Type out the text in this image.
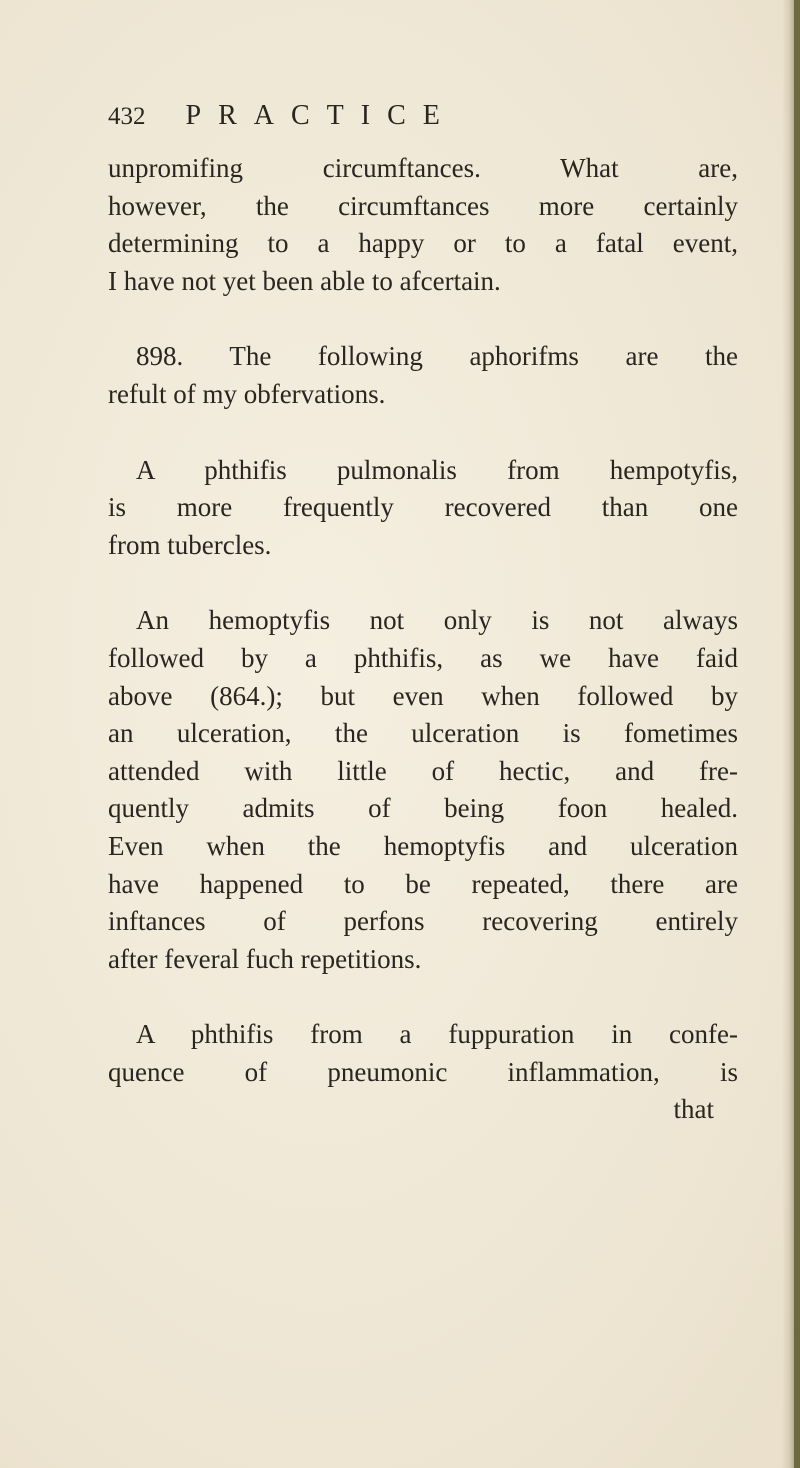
432 PRACTICE
unpromifing circumftances. What are,
however, the circumftances more certainly
determining to a happy or to a fatal event,
I have not yet been able to afcertain.
898. The following aphorifms are the
refult of my obfervations.
A phthifis pulmonalis from hempotyfis,
is more frequently recovered than one
from tubercles.
An hemoptyfis not only is not always
followed by a phthifis, as we have faid
above (864.); but even when followed by
an ulceration, the ulceration is fometimes
attended with little of hectic, and fre-
quently admits of being foon healed.
Even when the hemoptyfis and ulceration
have happened to be repeated, there are
inftances of perfons recovering entirely
after feveral fuch repetitions.
A phthifis from a fuppuration in confe-
quence of pneumonic inflammation, is
that
